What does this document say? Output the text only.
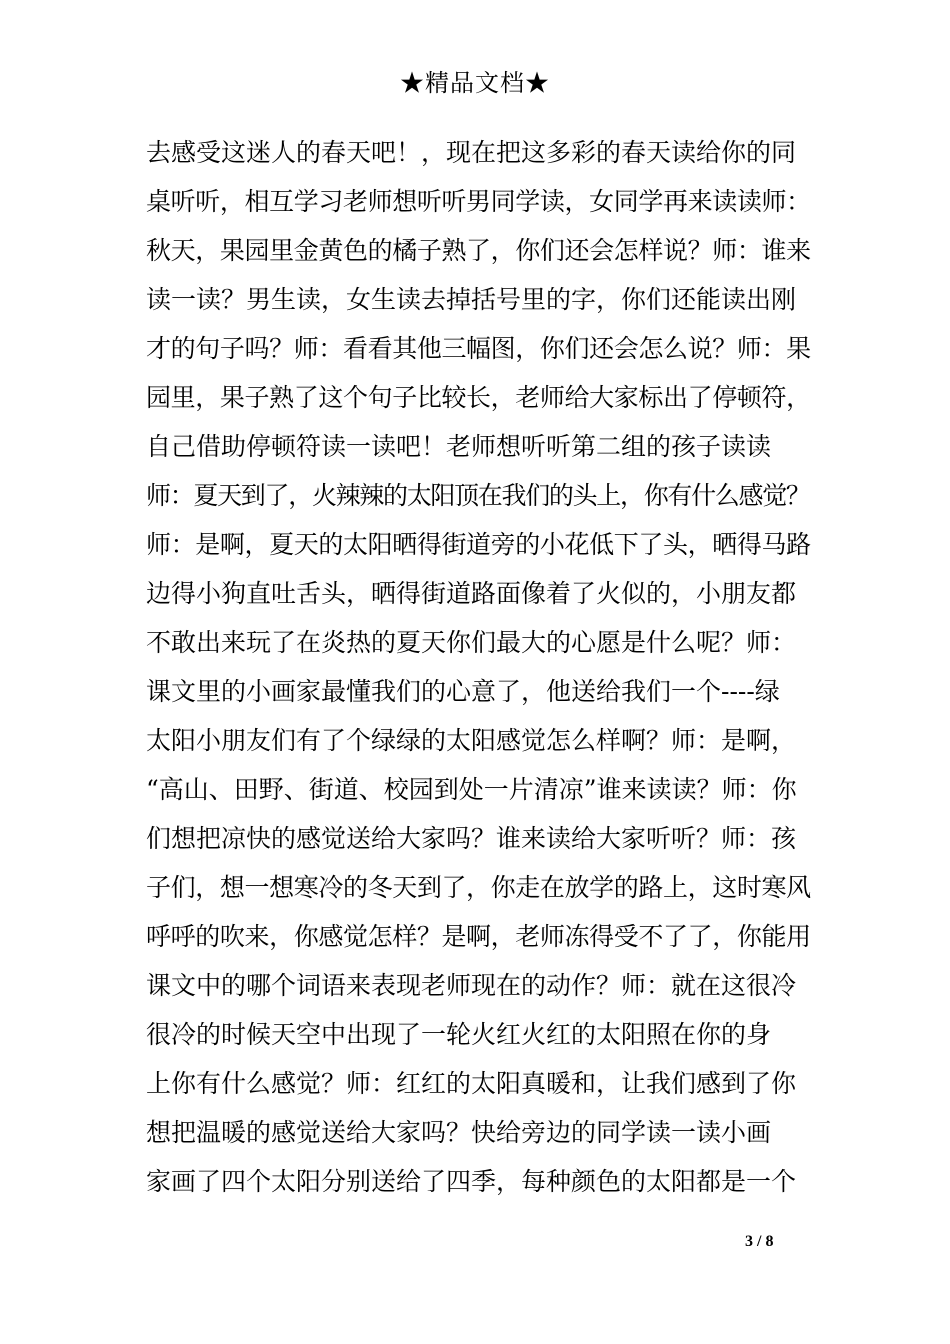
★精品文档★
去感受这迷人的春天吧！，现在把这多彩的春天读给你的同
桌听听，相互学习老师想听听男同学读，女同学再来读读师：
秋天，果园里金黄色的橘子熟了，你们还会怎样说？师：谁来
读一读？男生读，女生读去掉括号里的字，你们还能读出刚
才的句子吗？师：看看其他三幅图，你们还会怎么说？师：果
园里，果子熟了这个句子比较长，老师给大家标出了停顿符，
自己借助停顿符读一读吧！老师想听听第二组的孩子读读
师：夏天到了，火辣辣的太阳顶在我们的头上，你有什么感觉？
师：是啊，夏天的太阳晒得街道旁的小花低下了头，晒得马路
边得小狗直吐舌头，晒得街道路面像着了火似的，小朋友都
不敢出来玩了在炎热的夏天你们最大的心愿是什么呢？师：
课文里的小画家最懂我们的心意了，他送给我们一个----绿
太阳小朋友们有了个绿绿的太阳感觉怎么样啊？师：是啊，
“高山、田野、街道、校园到处一片清凉”谁来读读？师：你
们想把凉快的感觉送给大家吗？谁来读给大家听听？师：孩
子们，想一想寒冷的冬天到了，你走在放学的路上，这时寒风
呼呼的吹来，你感觉怎样？是啊，老师冻得受不了了，你能用
课文中的哪个词语来表现老师现在的动作？师：就在这很冷
很冷的时候天空中出现了一轮火红火红的太阳照在你的身
上你有什么感觉？师：红红的太阳真暖和，让我们感到了你
想把温暖的感觉送给大家吗？快给旁边的同学读一读小画
家画了四个太阳分别送给了四季，每种颜色的太阳都是一个
3 / 8
